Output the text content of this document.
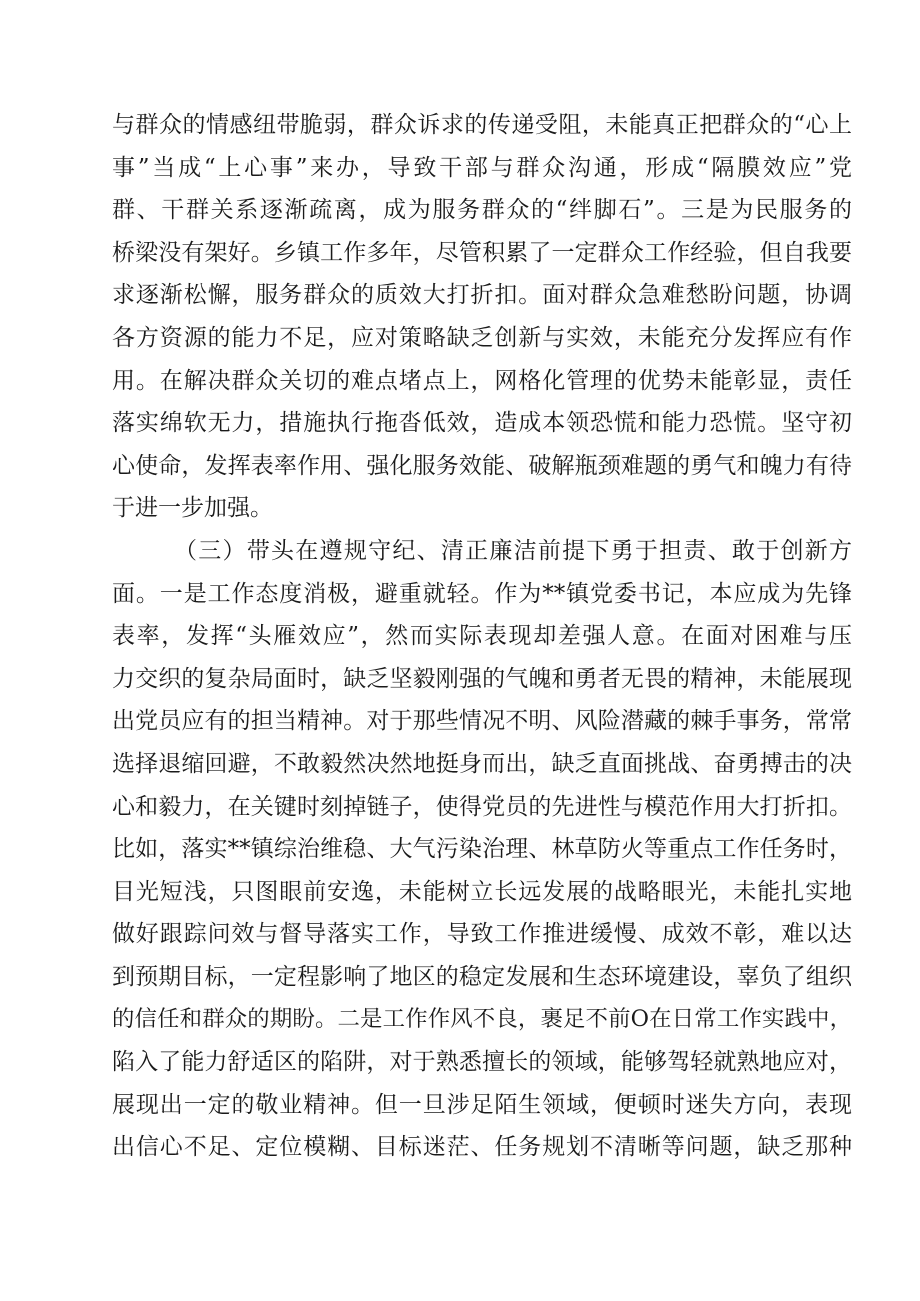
与群众的情感纽带脆弱，群众诉求的传递受阻，未能真正把群众的“心上
事”当成“上心事”来办，导致干部与群众沟通，形成“隔膜效应”党
群、干群关系逐渐疏离，成为服务群众的“绊脚石”。三是为民服务的
桥梁没有架好。乡镇工作多年，尽管积累了一定群众工作经验，但自我要
求逐渐松懈，服务群众的质效大打折扣。面对群众急难愁盼问题，协调
各方资源的能力不足，应对策略缺乏创新与实效，未能充分发挥应有作
用。在解决群众关切的难点堵点上，网格化管理的优势未能彰显，责任
落实绵软无力，措施执行拖沓低效，造成本领恐慌和能力恐慌。坚守初
心使命，发挥表率作用、强化服务效能、破解瓶颈难题的勇气和魄力有待
于进一步加强。
（三）带头在遵规守纪、清正廉洁前提下勇于担责、敢于创新方
面。一是工作态度消极，避重就轻。作为**镇党委书记，本应成为先锋
表率，发挥“头雁效应”，然而实际表现却差强人意。在面对困难与压
力交织的复杂局面时，缺乏坚毅刚强的气魄和勇者无畏的精神，未能展现
出党员应有的担当精神。对于那些情况不明、风险潜藏的棘手事务，常常
选择退缩回避，不敢毅然决然地挺身而出，缺乏直面挑战、奋勇搏击的决
心和毅力，在关键时刻掉链子，使得党员的先进性与模范作用大打折扣。
比如，落实**镇综治维稳、大气污染治理、林草防火等重点工作任务时，
目光短浅，只图眼前安逸，未能树立长远发展的战略眼光，未能扎实地
做好跟踪问效与督导落实工作，导致工作推进缓慢、成效不彰，难以达
到预期目标，一定程影响了地区的稳定发展和生态环境建设，辜负了组织
的信任和群众的期盼。二是工作作风不良，裹足不前O在日常工作实践中，
陷入了能力舒适区的陷阱，对于熟悉擅长的领域，能够驾轻就熟地应对，
展现出一定的敬业精神。但一旦涉足陌生领域，便顿时迷失方向，表现
出信心不足、定位模糊、目标迷茫、任务规划不清晰等问题，缺乏那种
